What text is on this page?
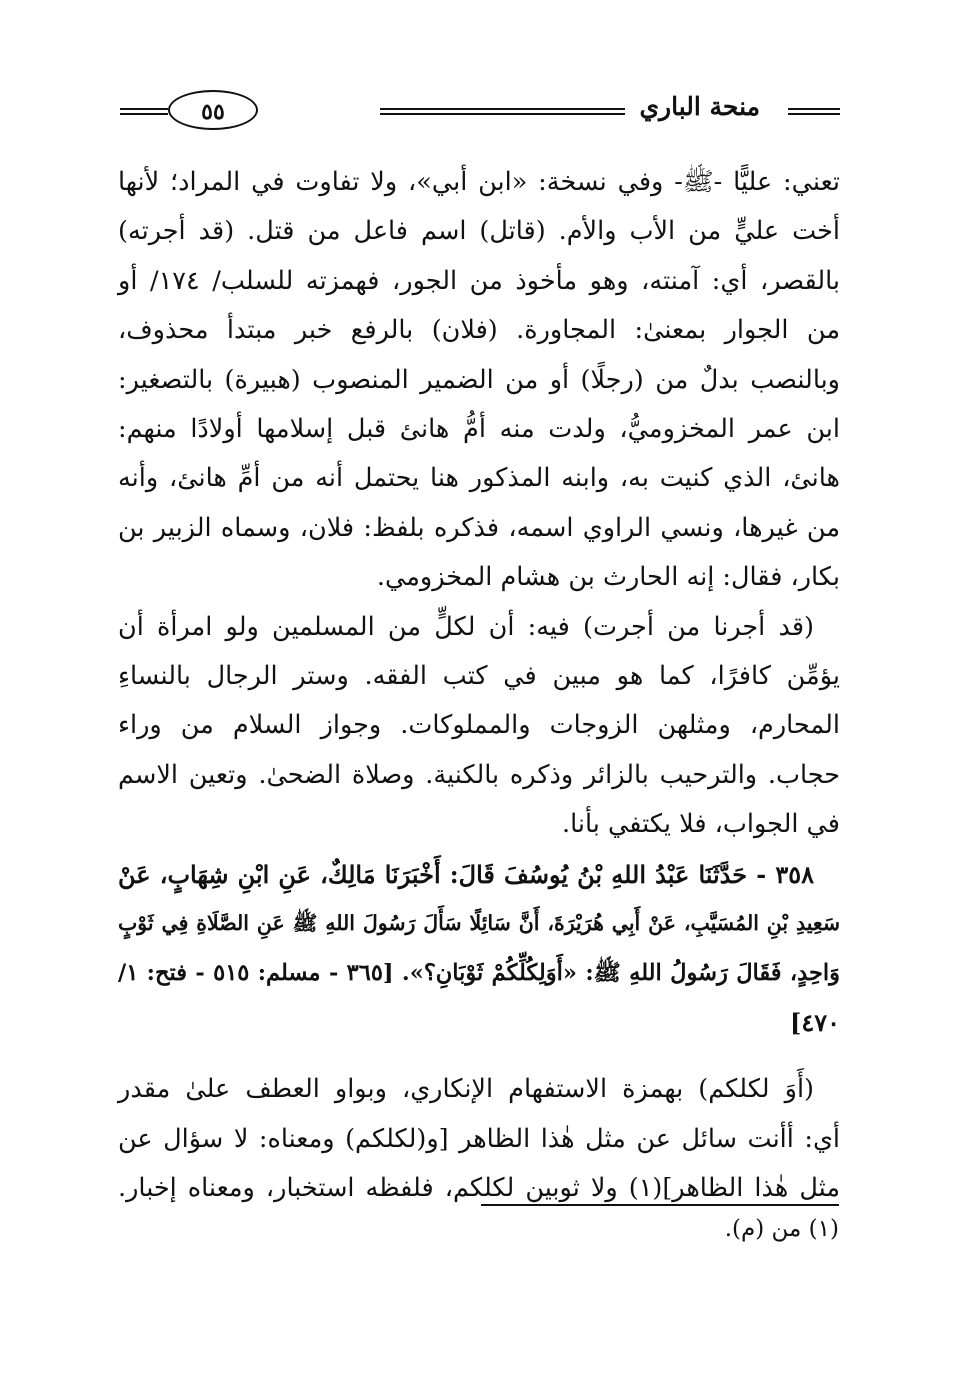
منحة الباري
٥٥
تعني: عليًّا -ﷺ- وفي نسخة: «ابن أبي»، ولا تفاوت في المراد؛ لأنها
أخت عليٍّ من الأب والأم. (قاتل) اسم فاعل من قتل. (قد أجرته)
بالقصر، أي: آمنته، وهو مأخوذ من الجور، فهمزته للسلب/ ١٧٤/ أو
من الجوار بمعنىٰ: المجاورة. (فلان) بالرفع خبر مبتدأ محذوف،
وبالنصب بدلٌ من (رجلًا) أو من الضمير المنصوب (هبيرة) بالتصغير:
ابن عمر المخزوميُّ، ولدت منه أمُّ هانئ قبل إسلامها أولادًا منهم:
هانئ، الذي كنيت به، وابنه المذكور هنا يحتمل أنه من أمِّ هانئ، وأنه
من غيرها، ونسي الراوي اسمه، فذكره بلفظ: فلان، وسماه الزبير بن
بكار، فقال: إنه الحارث بن هشام المخزومي.
(قد أجرنا من أجرت) فيه: أن لكلٍّ من المسلمين ولو امرأة أن
يؤمِّن كافرًا، كما هو مبين في كتب الفقه. وستر الرجال بالنساءِ
المحارم، ومثلهن الزوجات والمملوكات. وجواز السلام من وراء
حجاب. والترحيب بالزائر وذكره بالكنية. وصلاة الضحىٰ. وتعين الاسم
في الجواب، فلا يكتفي بأنا.
٣٥٨ - حَدَّثَنَا عَبْدُ اللهِ بْنُ يُوسُفَ قَالَ: أَخْبَرَنَا مَالِكٌ، عَنِ ابْنِ شِهَابٍ، عَنْ
سَعِيدِ بْنِ المُسَيَّبِ، عَنْ أَبِي هُرَيْرَةَ، أَنَّ سَائِلًا سَأَلَ رَسُولَ اللهِ ﷺ عَنِ الصَّلَاةِ فِي ثَوْبٍ
وَاحِدٍ، فَقَالَ رَسُولُ اللهِ ﷺ: «أَوَلِكُلِّكُمْ ثَوْبَانِ؟». [٣٦٥ - مسلم: ٥١٥ - فتح: ١/
٤٧٠]
(أَوَ لكلكم) بهمزة الاستفهام الإنكاري، وبواو العطف علىٰ مقدر
أي: أأنت سائل عن مثل هٰذا الظاهر [و(لكلكم) ومعناه: لا سؤال عن
مثل هٰذا الظاهر](١) ولا ثوبين لكلكم، فلفظه استخبار، ومعناه إخبار.
(١) من (م).
